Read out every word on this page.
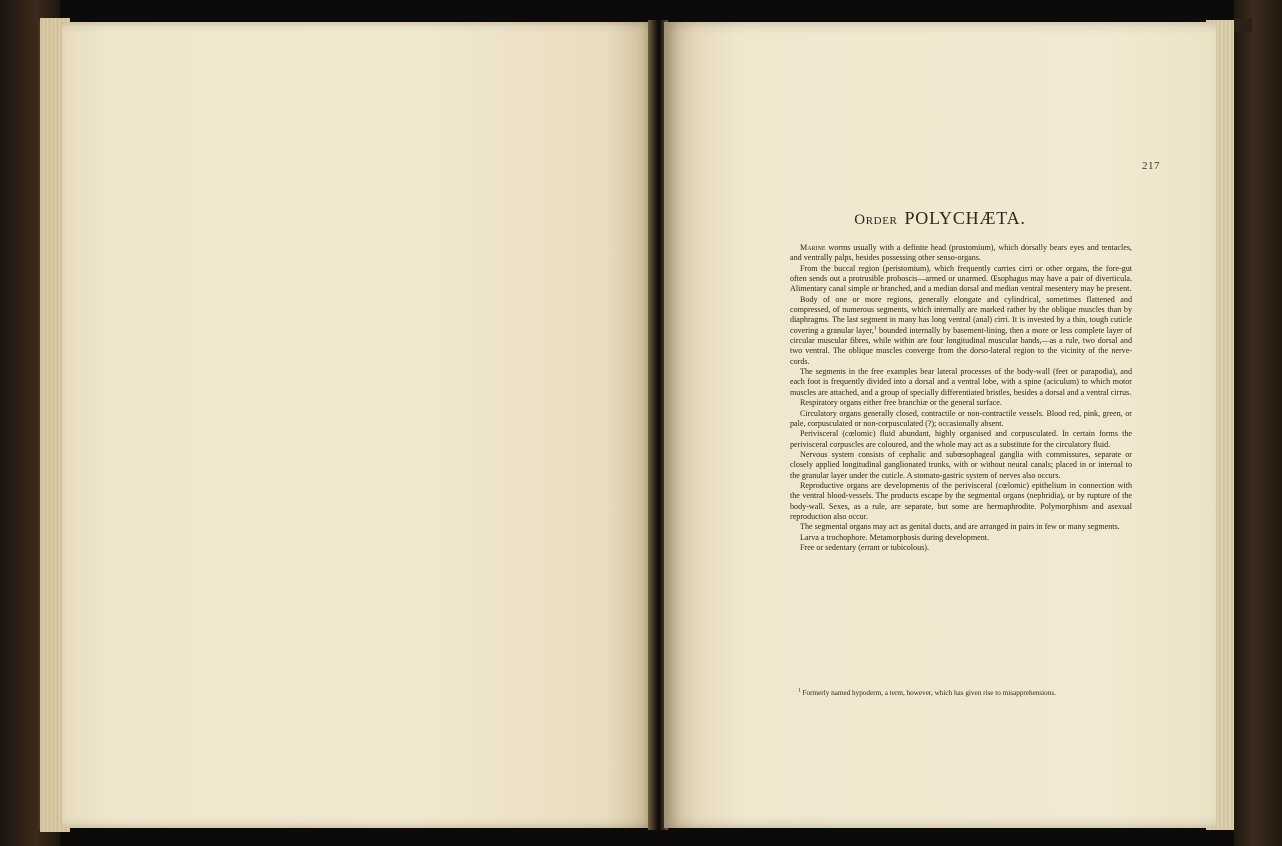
217
Order POLYCHÆTA.

Marine worms usually with a definite head (prostomium), which dorsally bears eyes and tentacles, and ventrally palps, besides possessing other senso-organs.

From the buccal region (peristomium), which frequently carries cirri or other organs, the fore-gut often sends out a protrusible proboscis—armed or unarmed. Œsophagus may have a pair of diverticula. Alimentary canal simple or branched, and a median dorsal and median ventral mesentery may be present.

Body of one or more regions, generally elongate and cylindrical, sometimes flattened and compressed, of numerous segments, which internally are marked rather by the oblique muscles than by diaphragms. The last segment in many has long ventral (anal) cirri. It is invested by a thin, tough cuticle covering a granular layer,$^1$ bounded internally by basement-lining, then a more or less complete layer of circular muscular fibres, while within are four longitudinal muscular bands,—as a rule, two dorsal and two ventral. The oblique muscles converge from the dorso-lateral region to the vicinity of the nerve-cords.

The segments in the free examples bear lateral processes of the body-wall (feet or parapodia), and each foot is frequently divided into a dorsal and a ventral lobe, with a spine (aciculum) to which motor muscles are attached, and a group of specially differentiated bristles, besides a dorsal and a ventral cirrus.

Respiratory organs either free branchiæ or the general surface.

Circulatory organs generally closed, contractile or non-contractile vessels. Blood red, pink, green, or pale, corpusculated or non-corpusculated (?); occasionally absent.

Perivisceral (cœlomic) fluid abundant, highly organised and corpusculated. In certain forms the perivisceral corpuscles are coloured, and the whole may act as a substitute for the circulatory fluid.

Nervous system consists of cephalic and subœsophageal ganglia with commissures, separate or closely applied longitudinal ganglionated trunks, with or without neural canals; placed in or internal to the granular layer under the cuticle. A stomato-gastric system of nerves also occurs.

Reproductive organs are developments of the perivisceral (cœlomic) epithelium in connection with the ventral blood-vessels. The products escape by the segmental organs (nephridia), or by rupture of the body-wall. Sexes, as a rule, are separate, but some are hermaphrodite. Polymorphism and asexual reproduction also occur.

The segmental organs may act as genital ducts, and are arranged in pairs in few or many segments.

Larva a trochophore. Metamorphosis during development.

Free or sedentary (errant or tubicolous).

$^1$ Formerly named hypoderm, a term, however, which has given rise to misapprehensions.
